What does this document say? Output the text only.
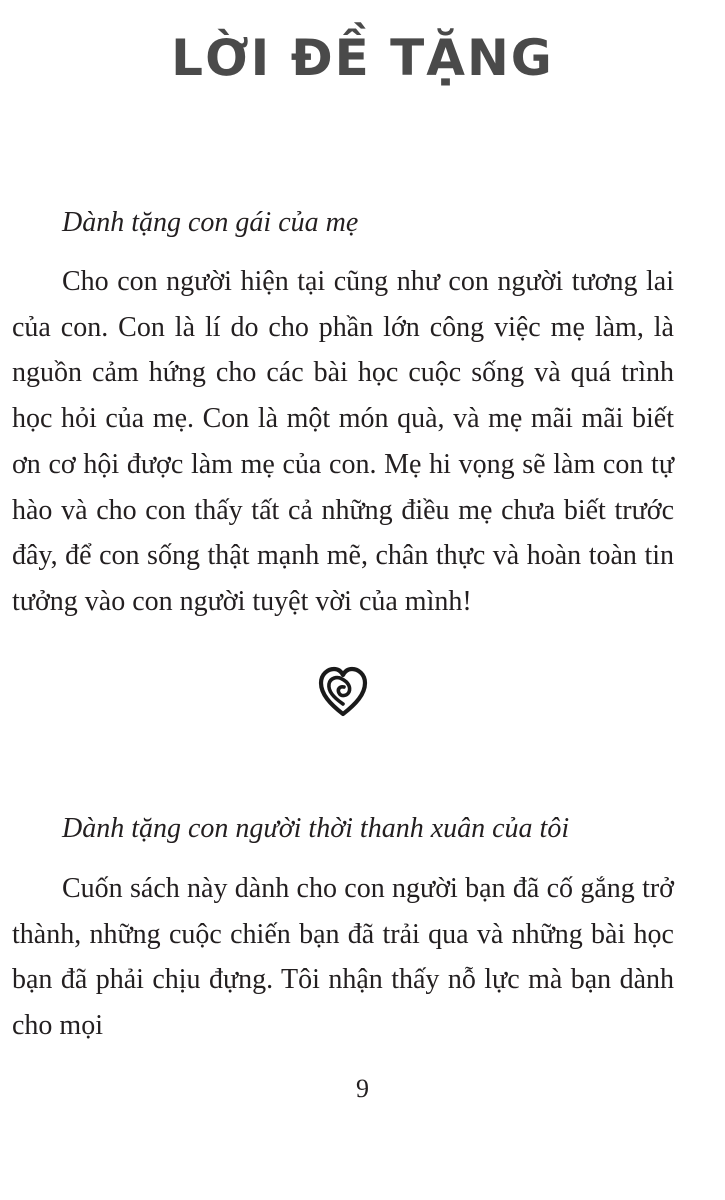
LỜI ĐỀ TẶNG
Dành tặng con gái của mẹ

Cho con người hiện tại cũng như con người tương lai của con. Con là lí do cho phần lớn công việc mẹ làm, là nguồn cảm hứng cho các bài học cuộc sống và quá trình học hỏi của mẹ. Con là một món quà, và mẹ mãi mãi biết ơn cơ hội được làm mẹ của con. Mẹ hi vọng sẽ làm con tự hào và cho con thấy tất cả những điều mẹ chưa biết trước đây, để con sống thật mạnh mẽ, chân thực và hoàn toàn tin tưởng vào con người tuyệt vời của mình!

Dành tặng con người thời thanh xuân của tôi

Cuốn sách này dành cho con người bạn đã cố gắng trở thành, những cuộc chiến bạn đã trải qua và những bài học bạn đã phải chịu đựng. Tôi nhận thấy nỗ lực mà bạn dành cho mọi

9
